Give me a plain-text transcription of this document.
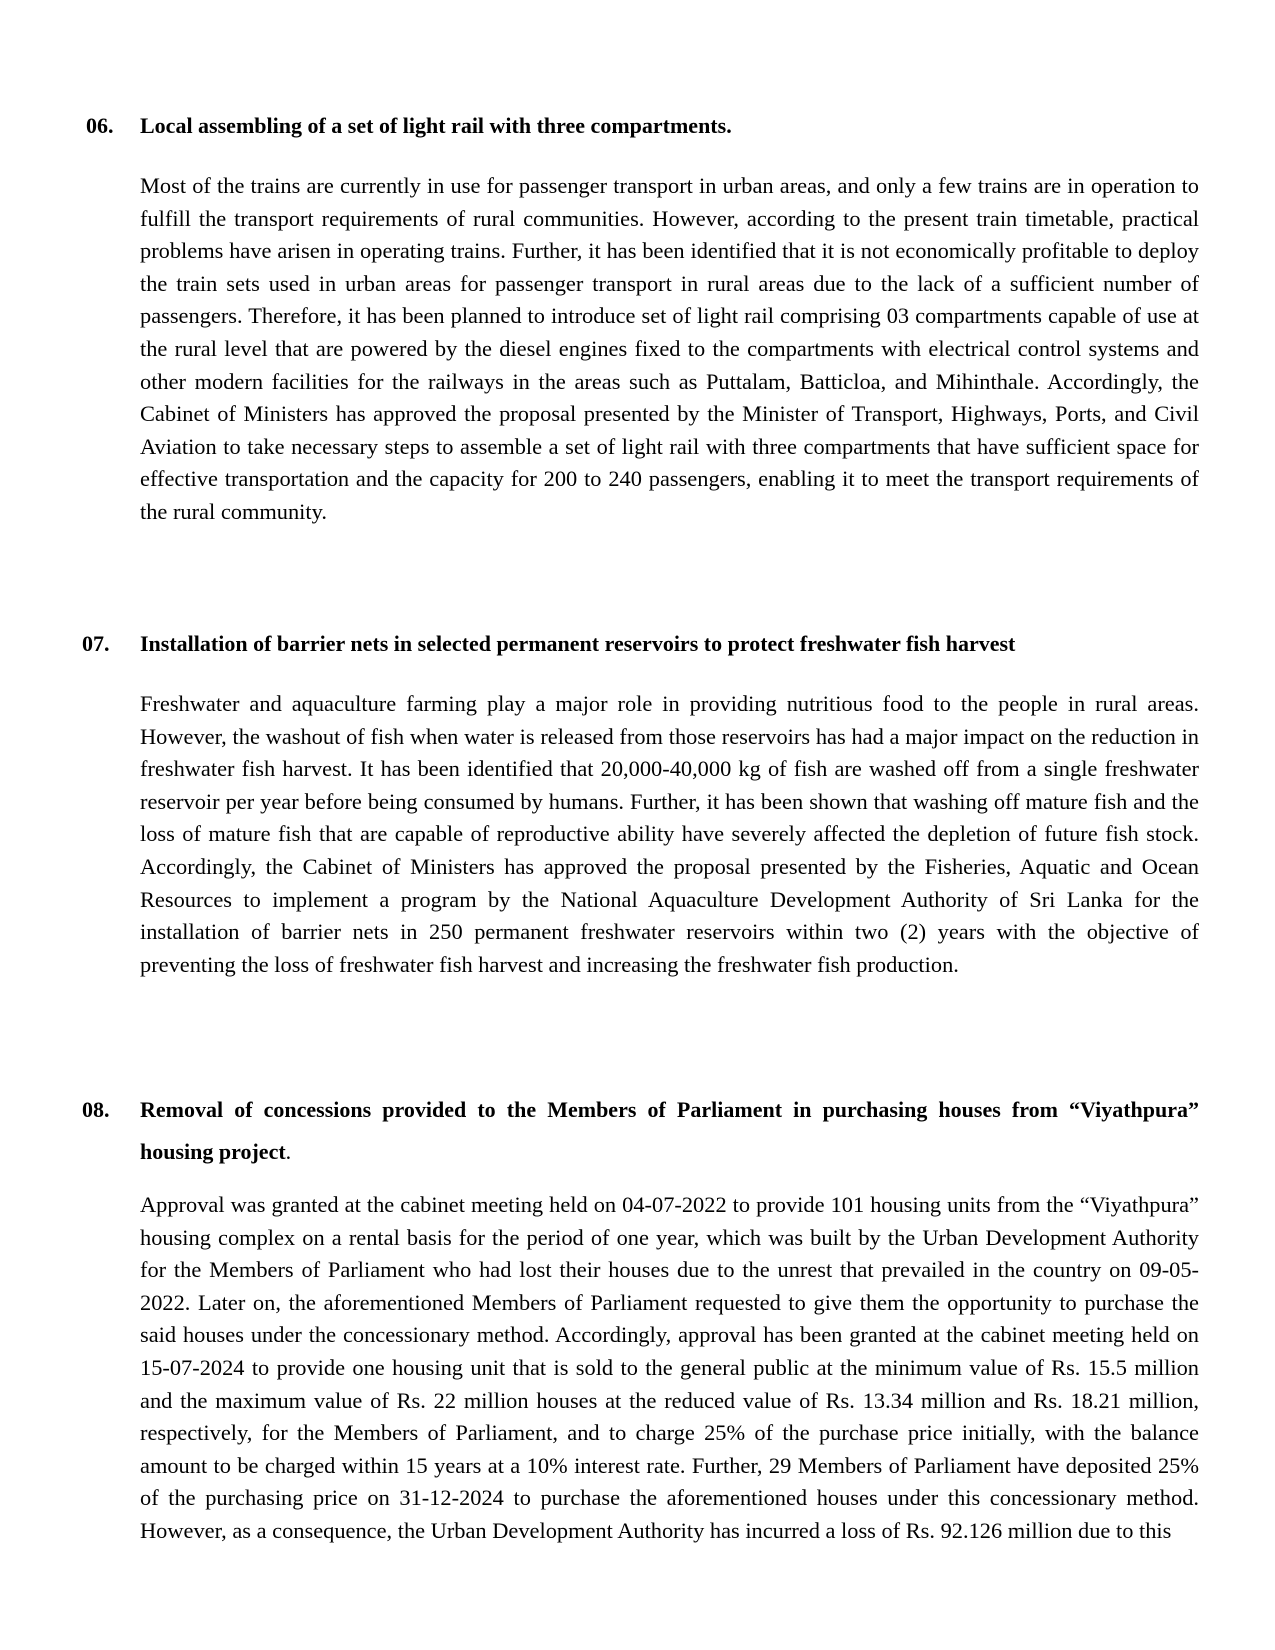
06. Local assembling of a set of light rail with three compartments.

Most of the trains are currently in use for passenger transport in urban areas, and only a few trains are in operation to fulfill the transport requirements of rural communities. However, according to the present train timetable, practical problems have arisen in operating trains. Further, it has been identified that it is not economically profitable to deploy the train sets used in urban areas for passenger transport in rural areas due to the lack of a sufficient number of passengers. Therefore, it has been planned to introduce set of light rail comprising 03 compartments capable of use at the rural level that are powered by the diesel engines fixed to the compartments with electrical control systems and other modern facilities for the railways in the areas such as Puttalam, Batticloa, and Mihinthale. Accordingly, the Cabinet of Ministers has approved the proposal presented by the Minister of Transport, Highways, Ports, and Civil Aviation to take necessary steps to assemble a set of light rail with three compartments that have sufficient space for effective transportation and the capacity for 200 to 240 passengers, enabling it to meet the transport requirements of the rural community.

07. Installation of barrier nets in selected permanent reservoirs to protect freshwater fish harvest

Freshwater and aquaculture farming play a major role in providing nutritious food to the people in rural areas. However, the washout of fish when water is released from those reservoirs has had a major impact on the reduction in freshwater fish harvest. It has been identified that 20,000-40,000 kg of fish are washed off from a single freshwater reservoir per year before being consumed by humans. Further, it has been shown that washing off mature fish and the loss of mature fish that are capable of reproductive ability have severely affected the depletion of future fish stock. Accordingly, the Cabinet of Ministers has approved the proposal presented by the Fisheries, Aquatic and Ocean Resources to implement a program by the National Aquaculture Development Authority of Sri Lanka for the installation of barrier nets in 250 permanent freshwater reservoirs within two (2) years with the objective of preventing the loss of freshwater fish harvest and increasing the freshwater fish production.

08. Removal of concessions provided to the Members of Parliament in purchasing houses from “Viyathpura” housing project.

Approval was granted at the cabinet meeting held on 04-07-2022 to provide 101 housing units from the “Viyathpura” housing complex on a rental basis for the period of one year, which was built by the Urban Development Authority for the Members of Parliament who had lost their houses due to the unrest that prevailed in the country on 09-05-2022. Later on, the aforementioned Members of Parliament requested to give them the opportunity to purchase the said houses under the concessionary method. Accordingly, approval has been granted at the cabinet meeting held on 15-07-2024 to provide one housing unit that is sold to the general public at the minimum value of Rs. 15.5 million and the maximum value of Rs. 22 million houses at the reduced value of Rs. 13.34 million and Rs. 18.21 million, respectively, for the Members of Parliament, and to charge 25% of the purchase price initially, with the balance amount to be charged within 15 years at a 10% interest rate. Further, 29 Members of Parliament have deposited 25% of the purchasing price on 31-12-2024 to purchase the aforementioned houses under this concessionary method. However, as a consequence, the Urban Development Authority has incurred a loss of Rs. 92.126 million due to this
